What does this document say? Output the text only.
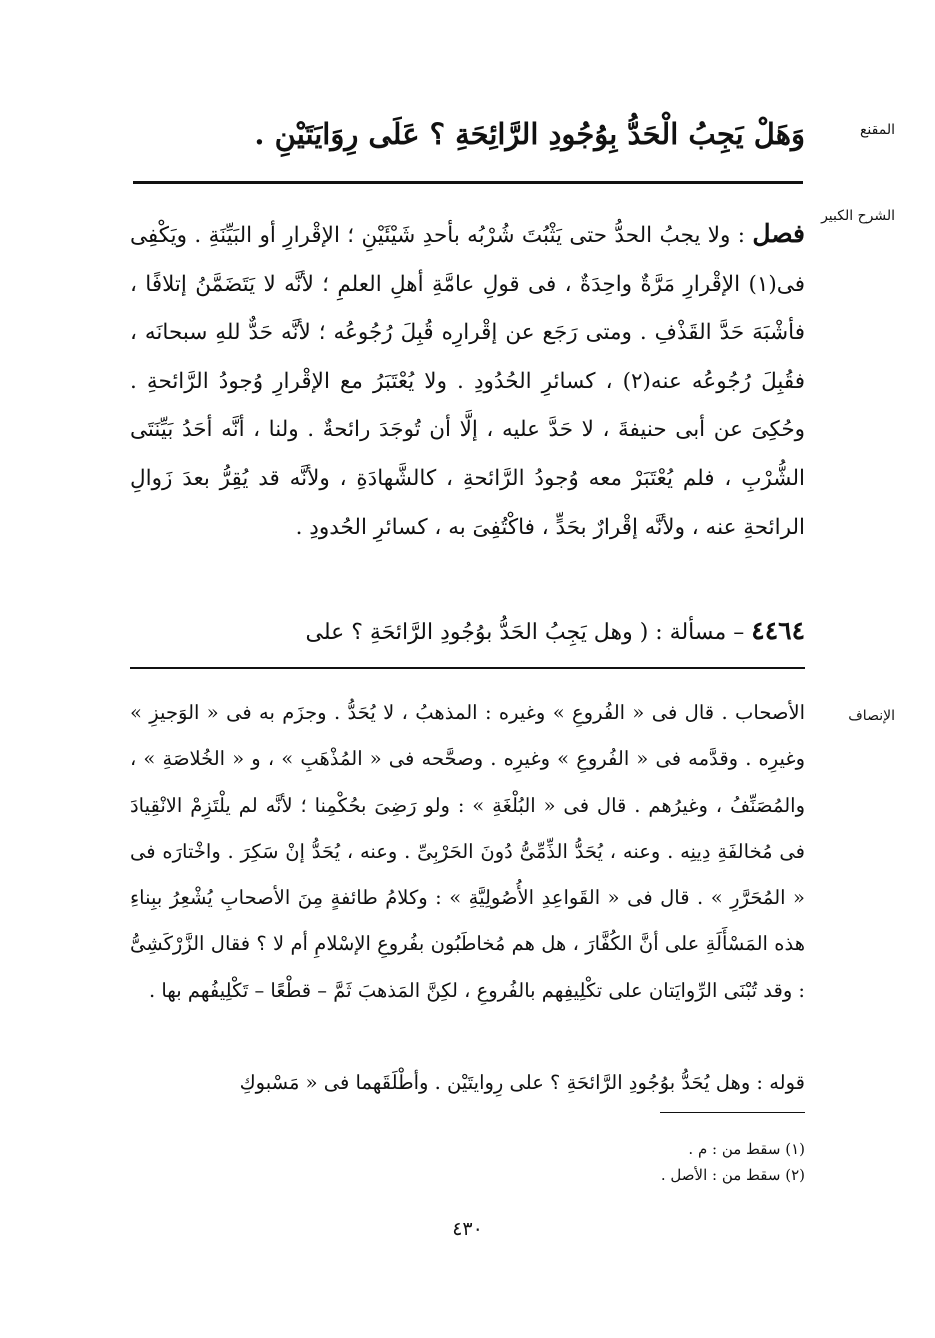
المقنع
وَهَلْ يَجِبُ الْحَدُّ بِوُجُودِ الرَّائِحَةِ ؟ عَلَى رِوَايَتَيْنِ .
الشرح الكبير
فصل : ولا يجبُ الحدُّ حتى يَثْبُتَ شُرْبُه بأحدِ شَيْئَيْنِ ؛ الإقْرارِ أو البَيِّنَةِ . ويَكْفِى فى(١) الإقْرارِ مَرَّةٌ واحِدَةٌ ، فى قولِ عامَّةِ أهلِ العلمِ ؛ لأنَّه لا يَتَضَمَّنُ إتلافًا ، فأشْبَهَ حَدَّ القَذْفِ . ومتى رَجَع عن إقْرارِه قُبِلَ رُجُوعُه ؛ لأنَّه حَدٌّ للهِ سبحانَه ، فقُبِلَ رُجُوعُه عنه(٢) ، كسائرِ الحُدُودِ . ولا يُعْتَبَرُ مع الإقْرارِ وُجودُ الرَّائحةِ . وحُكِىَ عن أبى حنيفةَ ، لا حَدَّ عليه ، إلَّا أن تُوجَدَ رائحةٌ . ولنا ، أنَّه أحَدُ بَيِّنَتَى الشُّرْبِ ، فلم يُعْتَبَرْ معه وُجودُ الرَّائحةِ ، كالشَّهادَةِ ، ولأنَّه قد يُقِرُّ بعدَ زَوالِ الرائحةِ عنه ، ولأنَّه إقْرارٌ بحَدٍّ ، فاكْتُفِىَ به ، كسائرِ الحُدودِ .
٤٤٦٤ – مسألة : ( وهل يَجِبُ الحَدُّ بوُجُودِ الرَّائحَةِ ؟ على
الإنصاف
الأصحاب . قال فى « الفُروعِ » وغيره : المذهبُ ، لا يُحَدُّ . وجزَم به فى « الوَجيزِ » وغيرِه . وقدَّمه فى « الفُروعِ » وغيرِه . وصحَّحه فى « المُذْهَبِ » ، و « الخُلاصَةِ » ، والمُصَنِّفُ ، وغيرُهم . قال فى « البُلْغَةِ » : ولو رَضِىَ بحُكْمِنا ؛ لأنَّه لم يلْتَزِمْ الانْقِيادَ فى مُخالفَةِ دِينِه . وعنه ، يُحَدُّ الذِّمِّىُّ دُونَ الحَرْبِىِّ . وعنه ، يُحَدُّ إنْ سَكِرَ . واخْتارَه فى « المُحَرَّرِ » . قال فى « القَواعِدِ الأُصُولِيَّةِ » : وكلامُ طائفةٍ مِنَ الأصحابِ يُشْعِرُ ببِناءِ هذه المَسْأَلَةِ على أنَّ الكُفَّارَ ، هل هم مُخاطَبُون بفُروعِ الإسْلامِ أم لا ؟ فقال الزَّرْكَشِىُّ : وقد تُبْنَى الرِّوايَتان على تكْلِيفِهم بالفُروعِ ، لكِنَّ المَذهبَ ثَمَّ – قطْعًا – تَكْلِيفُهم بها .
قوله : وهل يُحَدُّ بوُجُودِ الرَّائحَةِ ؟ على رِوايتَيْن . وأطْلَقَهما فى « مَسْبوكِ
(١) سقط من : م .
(٢) سقط من : الأصل .
٤٣٠
